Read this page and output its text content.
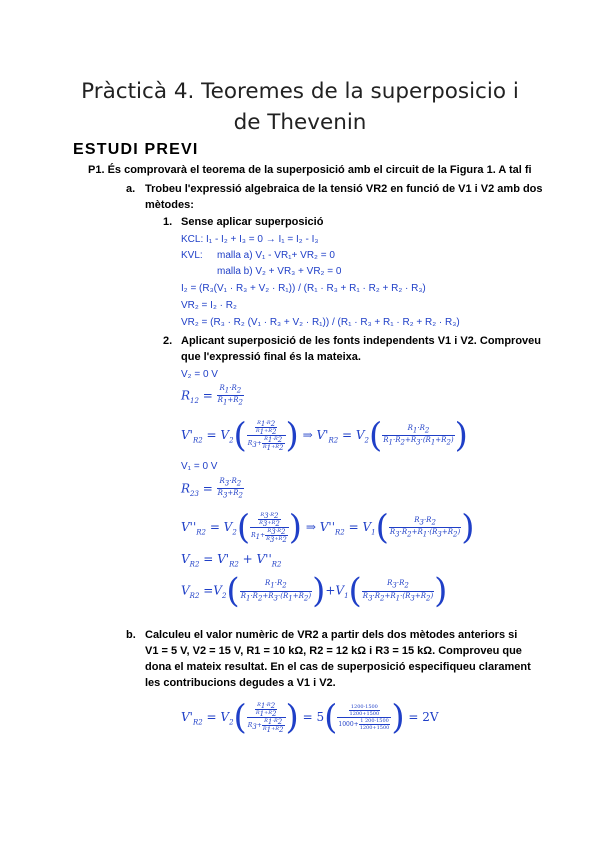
Pràcticà 4. Teoremes de la superposicio i
de Thevenin
ESTUDI PREVI
P1. És comprovarà el teorema de la superposició amb el circuit de la Figura 1. A tal fi
a. Trobeu l'expressió algebraica de la tensió VR2 en funció de V1 i V2 amb dos
mètodes:
1. Sense aplicar superposició
KCL: I₁ - I₂ + I₃ = 0 → I₁ = I₂ - I₃
KVL: malla a) V₁ - VR₁+ VR₂ = 0
malla b) V₂ + VR₃ + VR₂ = 0
I₂ = (R₃(V₁ · R₃ + V₂ · R₁)) / (R₁ · R₃ + R₁ · R₂ + R₂ · R₃)
VR₂ = I₂ · R₂
VR₂ = (R₃ · R₂ (V₁ · R₃ + V₂ · R₁)) / (R₁ · R₃ + R₁ · R₂ + R₂ · R₃)
2. Aplicant superposició de les fonts independents V1 i V2. Comproveu
que l'expressió final és la mateixa.
V₂ = 0 V
$R_{12} = \frac{R_1\cdot R_2}{R_1+R_2}$
$V'_{R2} = V_2( \frac{\frac{R_1\cdot R_2}{R_1+R_2}}{R_3+ \frac{R_1\cdot R_2}{R_1+R_2}}$ ) ⇒ $V'_{R2} = V_2( \frac{R_1\cdot R_2}{R_1\cdot R_2+R_3\cdot(R_1+R_2)}$ )
V₁ = 0 V
$R_{23} = \frac{R_3\cdot R_2}{R_3+R_2}$
$V''_{R2} = V_2( \frac{\frac{R_3\cdot R_2}{R_3+R_2}}{R_1+ \frac{R_3\cdot R_2}{R_3+R_2}}$ ) ⇒ $V''_{R2} = V_1( \frac{R_3\cdot R_2}{R_3\cdot R_2+R_1\cdot(R_3+R_2)}$ )
$V_{R2} = V'_{R2} + V''_{R2}$
$V_{R2} =V_2( \frac{R_1\cdot R_2}{R_1\cdot R_2+R_3\cdot(R_1+R_2)} )+V_1( \frac{R_3\cdot R_2}{R_3\cdot R_2+R_1\cdot(R_3+R_2)}$ )
b. Calculeu el valor numèric de VR2 a partir dels dos mètodes anteriors si
V1 = 5 V, V2 = 15 V, R1 = 10 kΩ, R2 = 12 kΩ i R3 = 15 kΩ. Comproveu que
dona el mateix resultat. En el cas de superposició especifiqueu clarament
les contribucions degudes a V1 i V2.
$V'_{R2} = V_2( \frac{\frac{R_1\cdot R_2}{R_1+R_2}}{R_3+ \frac{R_1\cdot R_2}{R_1+R_2}}$ ) = $5( \frac{\frac{1200\cdot 1500}{1200+1500}}{1000+ \frac{1 200\cdot 1500}{1200+1500}}$ ) = 2V
